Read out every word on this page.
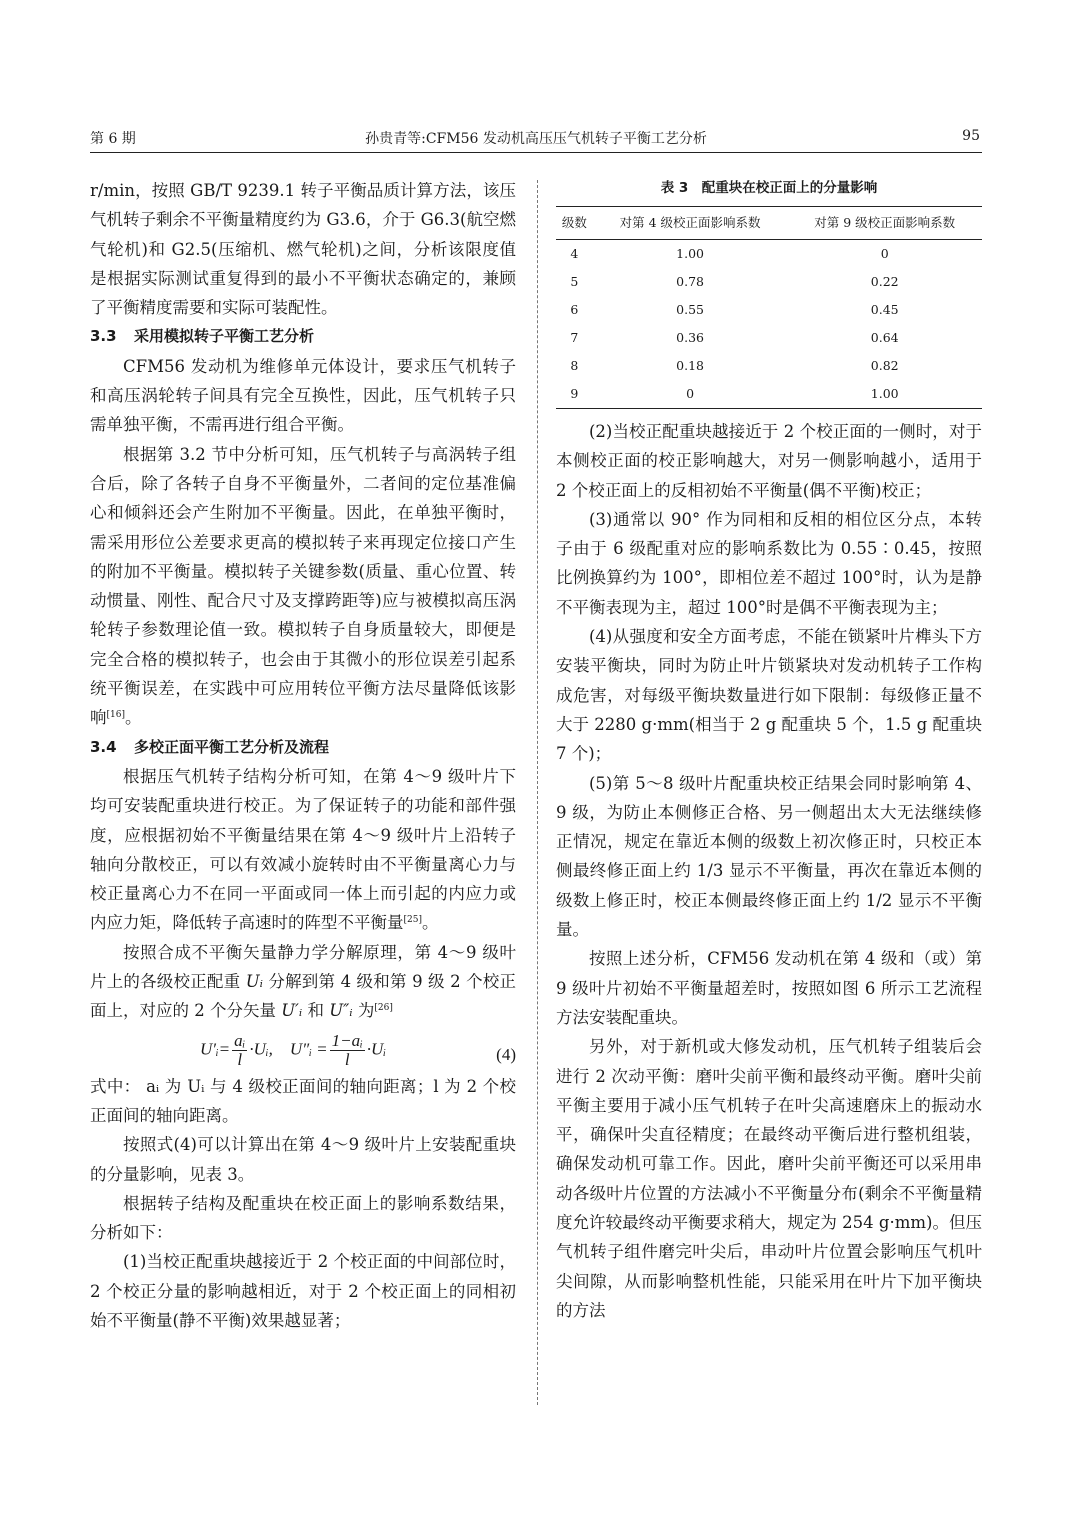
第 6 期	孙贵青等:CFM56 发动机高压压气机转子平衡工艺分析	95

r/min，按照 GB/T 9239.1 转子平衡品质计算方法，该压气机转子剩余不平衡量精度约为 G3.6，介于 G6.3(航空燃气轮机)和 G2.5(压缩机、燃气轮机)之间，分析该限度值是根据实际测试重复得到的最小不平衡状态确定的，兼顾了平衡精度需要和实际可装配性。

3.3 采用模拟转子平衡工艺分析

CFM56 发动机为维修单元体设计，要求压气机转子和高压涡轮转子间具有完全互换性，因此，压气机转子只需单独平衡，不需再进行组合平衡。

根据第 3.2 节中分析可知，压气机转子与高涡转子组合后，除了各转子自身不平衡量外，二者间的定位基准偏心和倾斜还会产生附加不平衡量。因此，在单独平衡时，需采用形位公差要求更高的模拟转子来再现定位接口产生的附加不平衡量。模拟转子关键参数(质量、重心位置、转动惯量、刚性、配合尺寸及支撑跨距等)应与被模拟高压涡轮转子参数理论值一致。模拟转子自身质量较大，即便是完全合格的模拟转子，也会由于其微小的形位误差引起系统平衡误差，在实践中可应用转位平衡方法尽量降低该影响[16]。

3.4 多校正面平衡工艺分析及流程

根据压气机转子结构分析可知，在第 4～9 级叶片下均可安装配重块进行校正。为了保证转子的功能和部件强度，应根据初始不平衡量结果在第 4～9 级叶片上沿转子轴向分散校正，可以有效减小旋转时由不平衡量离心力与校正量离心力不在同一平面或同一体上而引起的内应力或内应力矩，降低转子高速时的阵型不平衡量[25]。

按照合成不平衡矢量静力学分解原理，第 4～9 级叶片上的各级校正配重 Uᵢ 分解到第 4 级和第 9 级 2 个校正面上，对应的 2 个分矢量 U′ᵢ 和 U″ᵢ 为[26]

U′ᵢ= $\frac{\text{aᵢ}}{l}$ ·Uᵢ, U″ᵢ = $\frac{\text{1−aᵢ}}{l}$ ·Uᵢ	(4)

式中： aᵢ 为 Uᵢ 与 4 级校正面间的轴向距离；l 为 2 个校正面间的轴向距离。

按照式(4)可以计算出在第 4～9 级叶片上安装配重块的分量影响，见表 3。

根据转子结构及配重块在校正面上的影响系数结果，分析如下：

(1)当校正配重块越接近于 2 个校正面的中间部位时，2 个校正分量的影响越相近，对于 2 个校正面上的同相初始不平衡量(静不平衡)效果越显著；

表 3　配重块在校正面上的分量影响
级数	对第 4 级校正面影响系数	对第 9 级校正面影响系数
4	1.00	0
5	0.78	0.22
6	0.55	0.45
7	0.36	0.64
8	0.18	0.82
9	0	1.00

(2)当校正配重块越接近于 2 个校正面的一侧时，对于本侧校正面的校正影响越大，对另一侧影响越小，适用于 2 个校正面上的反相初始不平衡量(偶不平衡)校正；

(3)通常以 90° 作为同相和反相的相位区分点，本转子由于 6 级配重对应的影响系数比为 0.55∶0.45，按照比例换算约为 100°，即相位差不超过 100°时，认为是静不平衡表现为主，超过 100°时是偶不平衡表现为主；

(4)从强度和安全方面考虑，不能在锁紧叶片榫头下方安装平衡块，同时为防止叶片锁紧块对发动机转子工作构成危害，对每级平衡块数量进行如下限制：每级修正量不大于 2280 g·mm(相当于 2 g 配重块 5 个，1.5 g 配重块 7 个)；

(5)第 5～8 级叶片配重块校正结果会同时影响第 4、9 级，为防止本侧修正合格、另一侧超出太大无法继续修正情况，规定在靠近本侧的级数上初次修正时，只校正本侧最终修正面上约 1/3 显示不平衡量，再次在靠近本侧的级数上修正时，校正本侧最终修正面上约 1/2 显示不平衡量。

按照上述分析，CFM56 发动机在第 4 级和（或）第 9 级叶片初始不平衡量超差时，按照如图 6 所示工艺流程方法安装配重块。

另外，对于新机或大修发动机，压气机转子组装后会进行 2 次动平衡：磨叶尖前平衡和最终动平衡。磨叶尖前平衡主要用于减小压气机转子在叶尖高速磨床上的振动水平，确保叶尖直径精度；在最终动平衡后进行整机组装，确保发动机可靠工作。因此，磨叶尖前平衡还可以采用串动各级叶片位置的方法减小不平衡量分布(剩余不平衡量精度允许较最终动平衡要求稍大，规定为 254 g·mm)。但压气机转子组件磨完叶尖后，串动叶片位置会影响压气机叶尖间隙，从而影响整机性能，只能采用在叶片下加平衡块的方法
